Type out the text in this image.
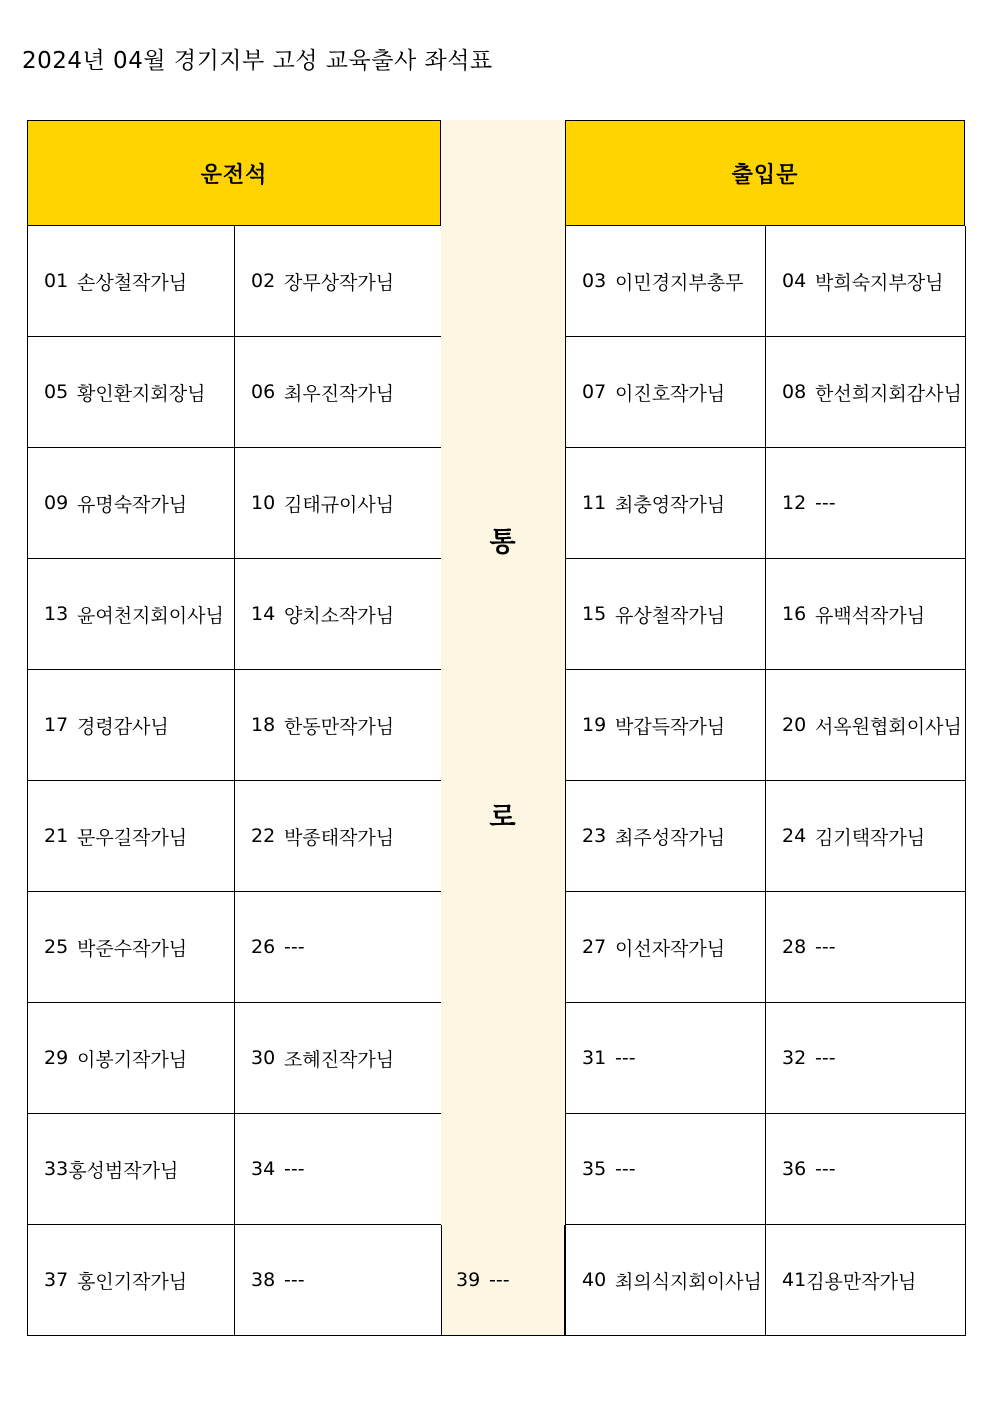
2024년 04월 경기지부 고성 교육출사 좌석표
운전석
01 손상철작가님	02 장무상작가님
05 황인환지회장님 06 최우진작가님
09 유명숙작가님	10 김태규이사님
13 윤여천지회이사님 14 양치소작가님
17 경령감사님	18 한동만작가님
21 문우길작가님	22 박종태작가님
25 박준수작가님	26 ---
29 이봉기작가님	30 조혜진작가님
33 홍성범작가님	34 ---
37 홍인기작가님	38 ---
통
로
39 ---
출입문
03 이민경지부총무 04 박희숙지부장님
07 이진호작가님	08 한선희지회감사님
11 최충영작가님	12 ---
15 유상철작가님	16 유백석작가님
19 박갑득작가님	20 서옥원협회이사님
23 최주성작가님	24 김기택작가님
27 이선자작가님	28 ---
31 ---	32 ---
35 ---	36 ---
40 최의식지회이사님 41 김용만작가님
